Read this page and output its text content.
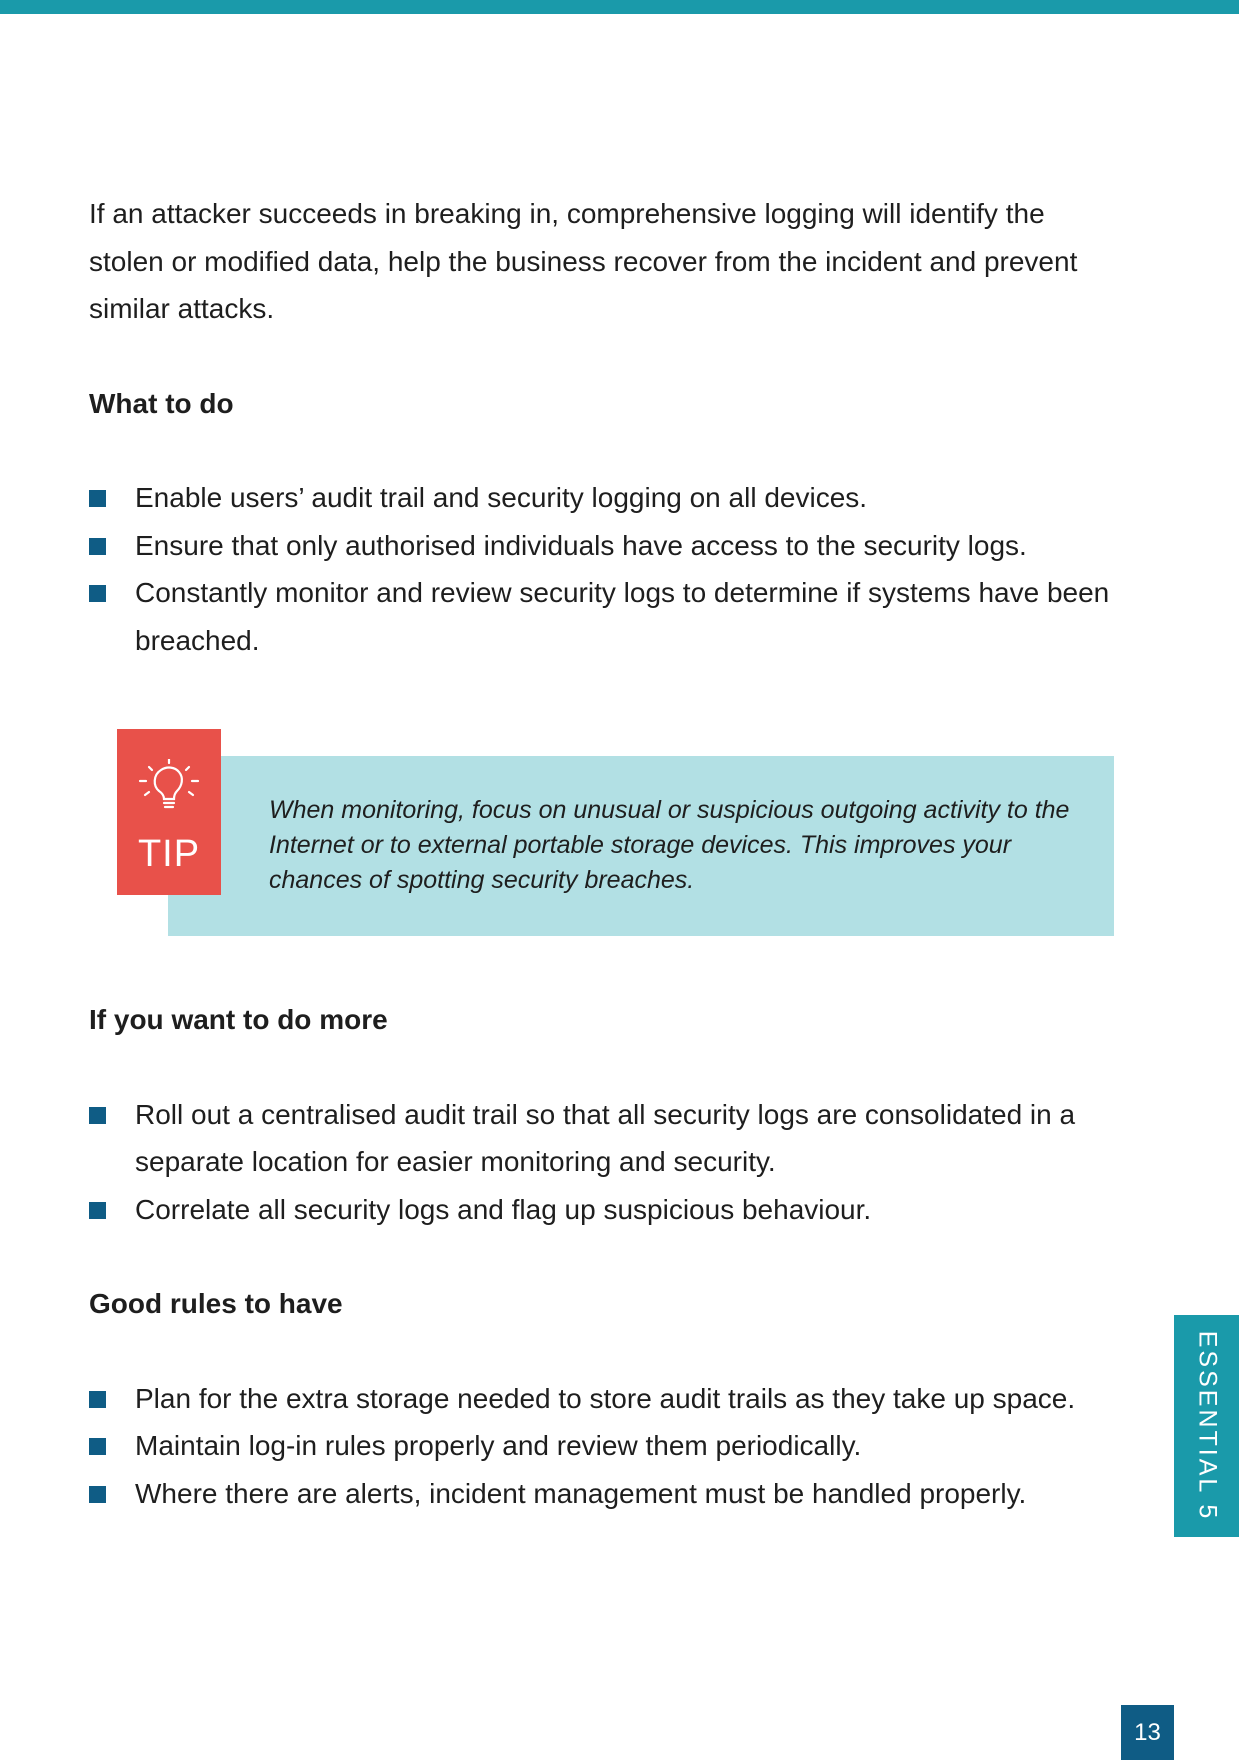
If an attacker succeeds in breaking in, comprehensive logging will identify the stolen or modified data, help the business recover from the incident and prevent similar attacks.

What to do
Enable users’ audit trail and security logging on all devices.
Ensure that only authorised individuals have access to the security logs.
Constantly monitor and review security logs to determine if systems have been breached.
TIP
When monitoring, focus on unusual or suspicious outgoing activity to the Internet or to external portable storage devices. This improves your chances of spotting security breaches.
If you want to do more
Roll out a centralised audit trail so that all security logs are consolidated in a separate location for easier monitoring and security.
Correlate all security logs and flag up suspicious behaviour.
Good rules to have
Plan for the extra storage needed to store audit trails as they take up space.
Maintain log-in rules properly and review them periodically.
Where there are alerts, incident management must be handled properly.	ESSENTIAL 5
13
